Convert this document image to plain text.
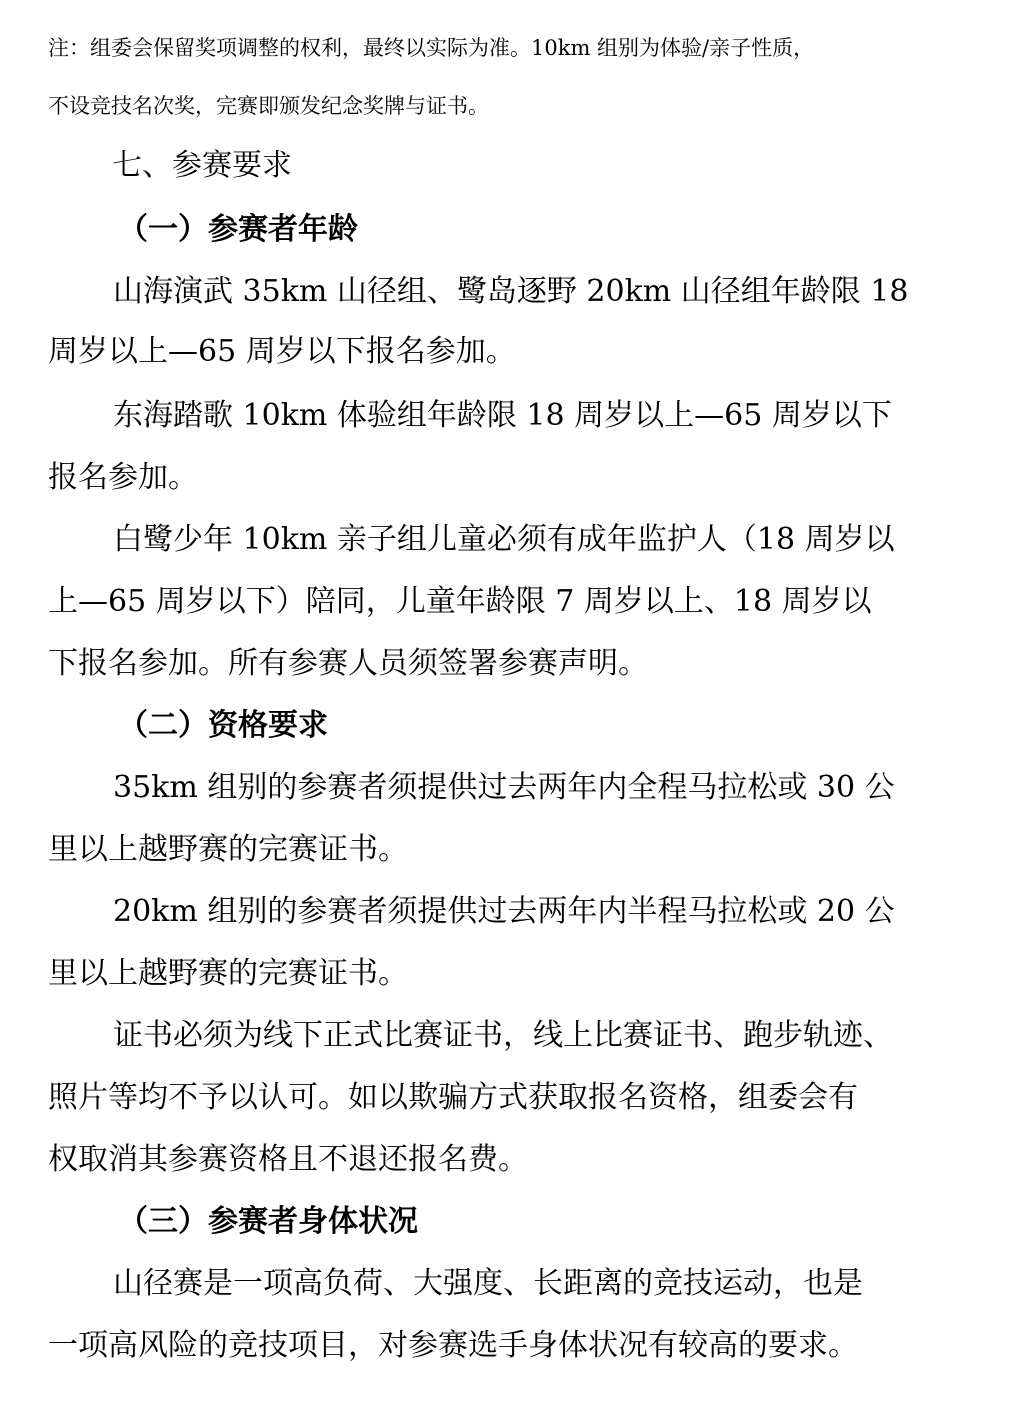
注：组委会保留奖项调整的权利，最终以实际为准。10km 组别为体验/亲子性质，
不设竞技名次奖，完赛即颁发纪念奖牌与证书。
七、参赛要求
（一）参赛者年龄
山海演武 35km 山径组、鹭岛逐野 20km 山径组年龄限 18
周岁以上—65 周岁以下报名参加。
东海踏歌 10km 体验组年龄限 18 周岁以上—65 周岁以下
报名参加。
白鹭少年 10km 亲子组儿童必须有成年监护人（18 周岁以
上—65 周岁以下）陪同，儿童年龄限 7 周岁以上、18 周岁以
下报名参加。所有参赛人员须签署参赛声明。
（二）资格要求
35km 组别的参赛者须提供过去两年内全程马拉松或 30 公
里以上越野赛的完赛证书。
20km 组别的参赛者须提供过去两年内半程马拉松或 20 公
里以上越野赛的完赛证书。
证书必须为线下正式比赛证书，线上比赛证书、跑步轨迹、
照片等均不予以认可。如以欺骗方式获取报名资格，组委会有
权取消其参赛资格且不退还报名费。
（三）参赛者身体状况
山径赛是一项高负荷、大强度、长距离的竞技运动，也是
一项高风险的竞技项目，对参赛选手身体状况有较高的要求。
